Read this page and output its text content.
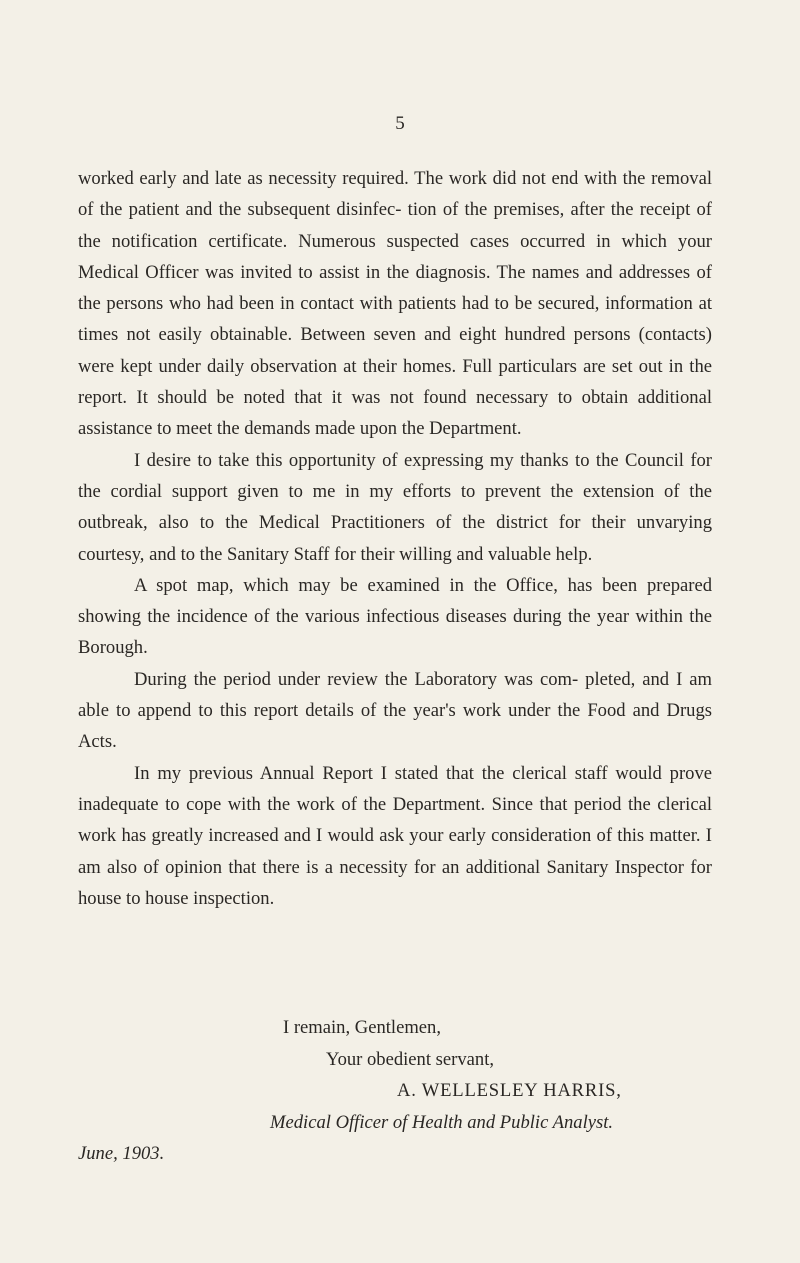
5

worked early and late as necessity required. The work did not end with the removal of the patient and the subsequent disinfec- tion of the premises, after the receipt of the notification certificate. Numerous suspected cases occurred in which your Medical Officer was invited to assist in the diagnosis. The names and addresses of the persons who had been in contact with patients had to be secured, information at times not easily obtainable. Between seven and eight hundred persons (contacts) were kept under daily observation at their homes. Full particulars are set out in the report. It should be noted that it was not found necessary to obtain additional assistance to meet the demands made upon the Department.

I desire to take this opportunity of expressing my thanks to the Council for the cordial support given to me in my efforts to prevent the extension of the outbreak, also to the Medical Practitioners of the district for their unvarying courtesy, and to the Sanitary Staff for their willing and valuable help.

A spot map, which may be examined in the Office, has been prepared showing the incidence of the various infectious diseases during the year within the Borough.

During the period under review the Laboratory was com- pleted, and I am able to append to this report details of the year's work under the Food and Drugs Acts.

In my previous Annual Report I stated that the clerical staff would prove inadequate to cope with the work of the Department. Since that period the clerical work has greatly increased and I would ask your early consideration of this matter. I am also of opinion that there is a necessity for an additional Sanitary Inspector for house to house inspection.

I remain, Gentlemen,
Your obedient servant,
A. WELLESLEY HARRIS,
Medical Officer of Health and Public Analyst.
June, 1903.
